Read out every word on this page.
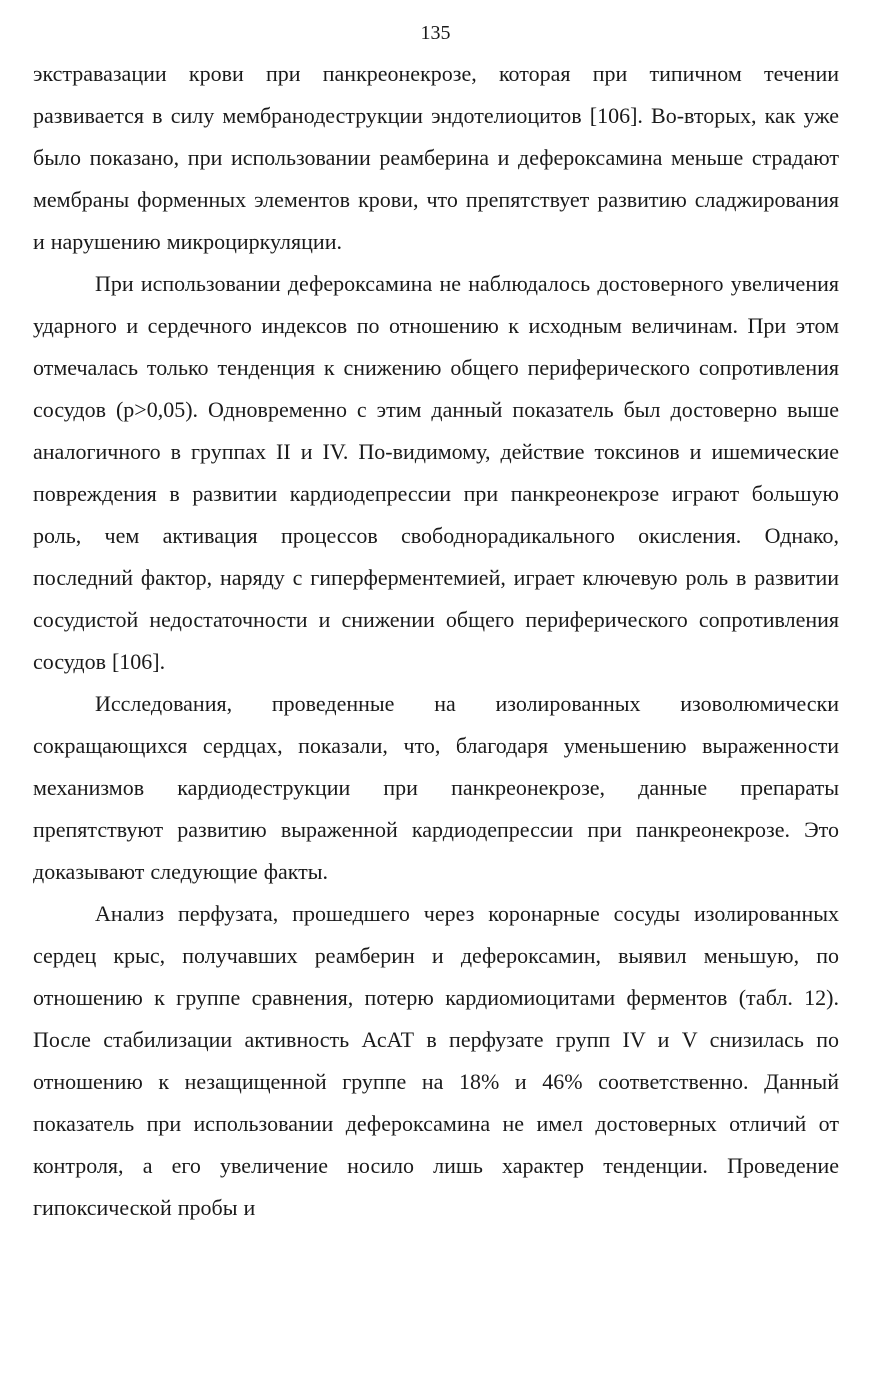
135

экстравазации крови при панкреонекрозе, которая при типичном течении развивается в силу мембранодеструкции эндотелиоцитов [106]. Во-вторых, как уже было показано, при использовании реамберина и дефероксамина меньше страдают мембраны форменных элементов крови, что препятствует развитию сладжирования и нарушению микроциркуляции.

При использовании дефероксамина не наблюдалось достоверного увеличения ударного и сердечного индексов по отношению к исходным величинам. При этом отмечалась только тенденция к снижению общего периферического сопротивления сосудов (р>0,05). Одновременно с этим данный показатель был достоверно выше аналогичного в группах II и IV. По-видимому, действие токсинов и ишемические повреждения в развитии кардиодепрессии при панкреонекрозе играют большую роль, чем активация процессов свободнорадикального окисления. Однако, последний фактор, наряду с гиперферментемией, играет ключевую роль в развитии сосудистой недостаточности и снижении общего периферического сопротивления сосудов [106].

Исследования, проведенные на изолированных изоволюмически сокращающихся сердцах, показали, что, благодаря уменьшению выраженности механизмов кардиодеструкции при панкреонекрозе, данные препараты препятствуют развитию выраженной кардиодепрессии при панкреонекрозе. Это доказывают следующие факты.

Анализ перфузата, прошедшего через коронарные сосуды изолированных сердец крыс, получавших реамберин и дефероксамин, выявил меньшую, по отношению к группе сравнения, потерю кардиомиоцитами ферментов (табл. 12). После стабилизации активность АсАТ в перфузате групп IV и V снизилась по отношению к незащищенной группе на 18% и 46% соответственно. Данный показатель при использовании дефероксамина не имел достоверных отличий от контроля, а его увеличение носило лишь характер тенденции. Проведение гипоксической пробы и
